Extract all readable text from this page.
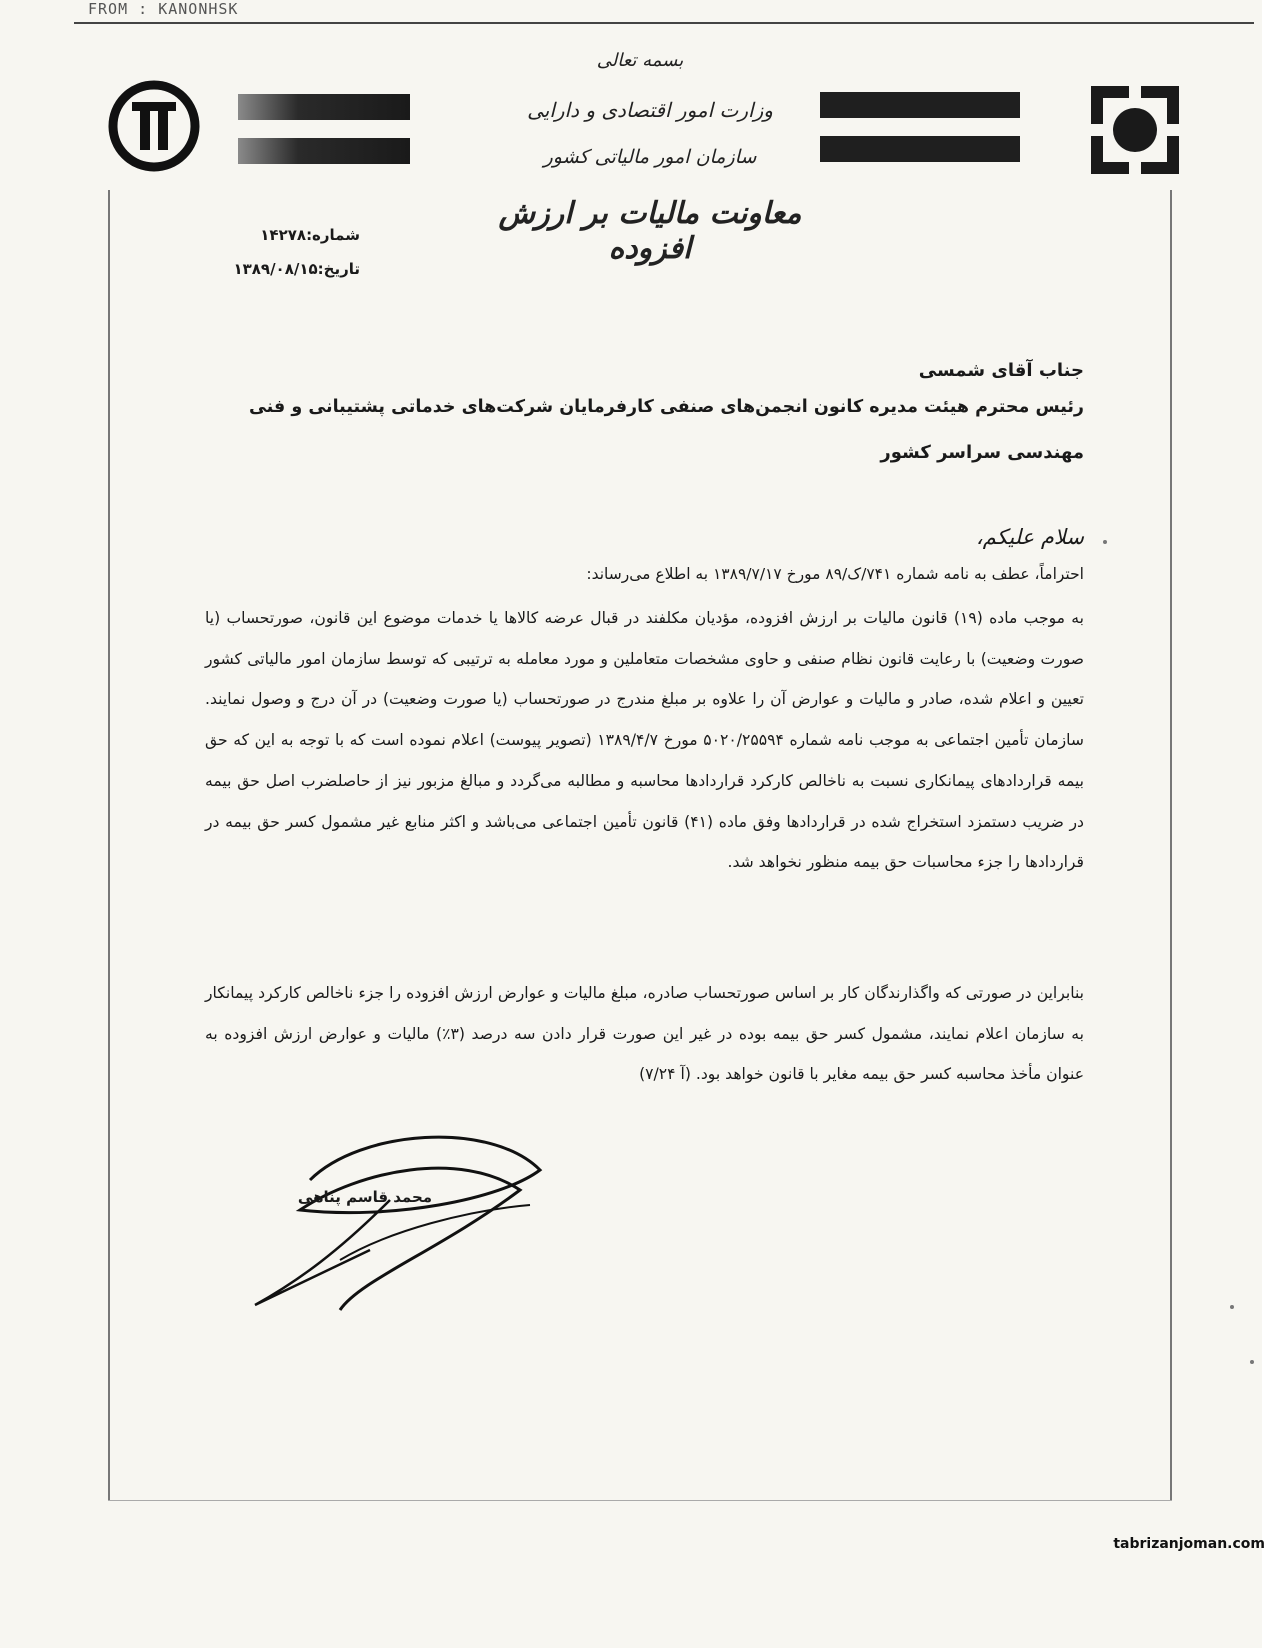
FROM : KANONHSK
بسمه تعالی
وزارت امور اقتصادی و دارایی
سازمان امور مالیاتی کشور
معاونت مالیات بر ارزش افزوده
شماره:۱۴۲۷۸
تاریخ:۱۳۸۹/۰۸/۱۵
جناب آقای شمسی
رئیس محترم هیئت مدیره کانون انجمن‌های صنفی کارفرمایان شرکت‌های خدماتی پشتیبانی و فنی
مهندسی سراسر کشور
سلام علیکم،
احتراماً، عطف به نامه شماره ۷۴۱/ک/۸۹ مورخ ۱۳۸۹/۷/۱۷ به اطلاع می‌رساند:
به موجب ماده (۱۹) قانون مالیات بر ارزش افزوده، مؤدیان مکلفند در قبال عرضه کالاها یا خدمات موضوع این قانون، صورتحساب (یا صورت وضعیت) با رعایت قانون نظام صنفی و حاوی مشخصات متعاملین و مورد معامله به ترتیبی که توسط سازمان امور مالیاتی کشور تعیین و اعلام شده، صادر و مالیات و عوارض آن را علاوه بر مبلغ مندرج در صورتحساب (یا صورت وضعیت) در آن درج و وصول نمایند. سازمان تأمین اجتماعی به موجب نامه شماره ۵۰۲۰/۲۵۵۹۴ مورخ ۱۳۸۹/۴/۷ (تصویر پیوست) اعلام نموده است که با توجه به این که حق بیمه قراردادهای پیمانکاری نسبت به ناخالص کارکرد قراردادها محاسبه و مطالبه می‌گردد و مبالغ مزبور نیز از حاصلضرب اصل حق بیمه در ضریب دستمزد استخراج شده در قراردادها وفق ماده (۴۱) قانون تأمین اجتماعی می‌باشد و اکثر منابع غیر مشمول کسر حق بیمه در قراردادها را جزء محاسبات حق بیمه منظور نخواهد شد.
بنابراین در صورتی که واگذارندگان کار بر اساس صورتحساب صادره، مبلغ مالیات و عوارض ارزش افزوده را جزء ناخالص کارکرد پیمانکار به سازمان اعلام نمایند، مشمول کسر حق بیمه بوده در غیر این صورت قرار دادن سه درصد (۳٪) مالیات و عوارض ارزش افزوده به عنوان مأخذ محاسبه کسر حق بیمه مغایر با قانون خواهد بود. (آ ۷/۲۴)
محمد قاسم پناهی
tabrizanjoman.com
